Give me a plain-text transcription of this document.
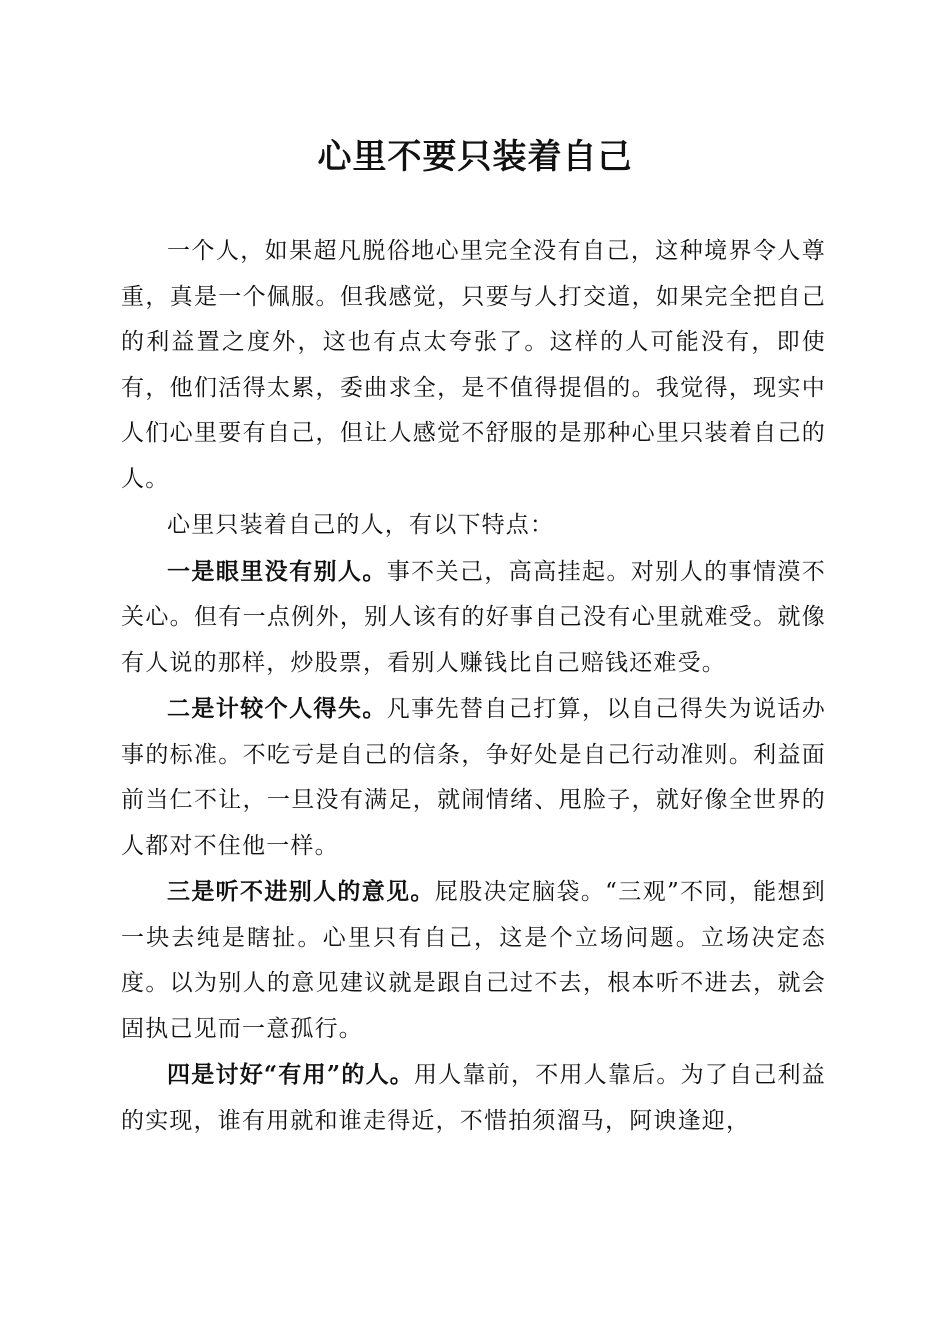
心里不要只装着自己

一个人，如果超凡脱俗地心里完全没有自己，这种境界令人尊重，真是一个佩服。但我感觉，只要与人打交道，如果完全把自己的利益置之度外，这也有点太夸张了。这样的人可能没有，即使有，他们活得太累，委曲求全，是不值得提倡的。我觉得，现实中人们心里要有自己，但让人感觉不舒服的是那种心里只装着自己的人。

心里只装着自己的人，有以下特点：

一是眼里没有别人。事不关己，高高挂起。对别人的事情漠不关心。但有一点例外，别人该有的好事自己没有心里就难受。就像有人说的那样，炒股票，看别人赚钱比自己赔钱还难受。

二是计较个人得失。凡事先替自己打算，以自己得失为说话办事的标准。不吃亏是自己的信条，争好处是自己行动准则。利益面前当仁不让，一旦没有满足，就闹情绪、甩脸子，就好像全世界的人都对不住他一样。

三是听不进别人的意见。屁股决定脑袋。“三观”不同，能想到一块去纯是瞎扯。心里只有自己，这是个立场问题。立场决定态度。以为别人的意见建议就是跟自己过不去，根本听不进去，就会固执己见而一意孤行。

四是讨好“有用”的人。用人靠前，不用人靠后。为了自己利益的实现，谁有用就和谁走得近，不惜拍须溜马，阿谀逢迎，
